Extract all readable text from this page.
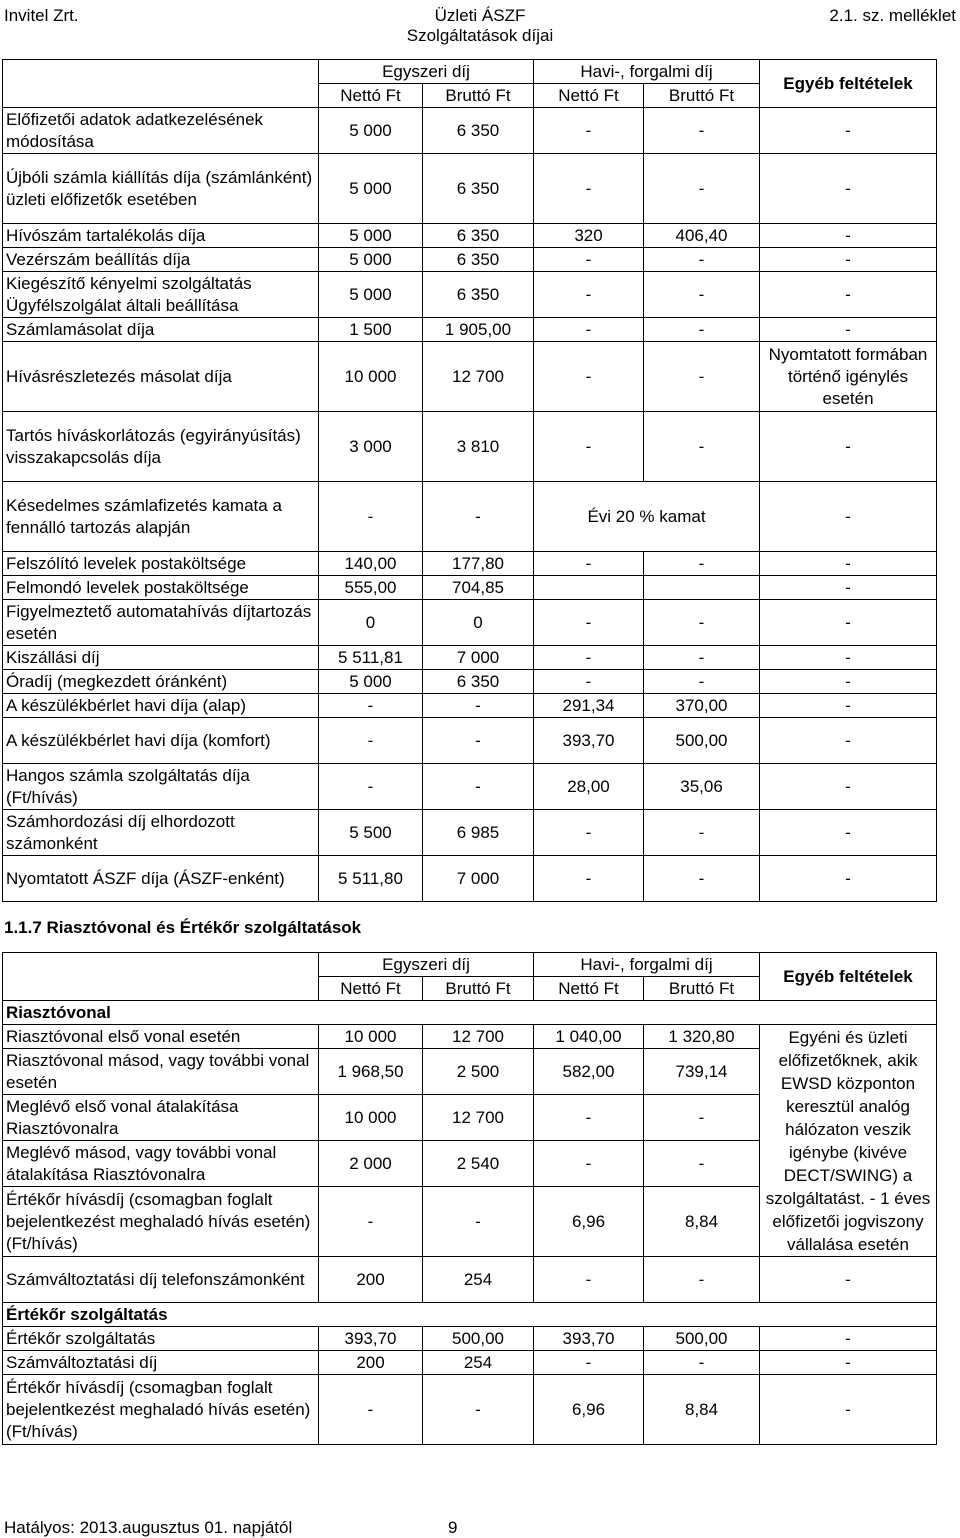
Invitel Zrt.	Üzleti ÁSZF
Szolgáltatások díjai
2.1. sz. melléklet
	Egyszeri díj		Havi-, forgalmi díj		Egyéb feltételek
	Nettó Ft	Bruttó Ft	Nettó Ft	Bruttó Ft	
Előfizetői adatok adatkezelésének módosítása	5 000	6 350	-	-	-
Újbóli számla kiállítás díja (számlánként) üzleti előfizetők esetében	5 000	6 350	-	-	-
Hívószám tartalékolás díja	5 000	6 350	320	406,40	-
Vezérszám beállítás díja	5 000	6 350	-	-	-
Kiegészítő kényelmi szolgáltatás Ügyfélszolgálat általi beállítása	5 000	6 350	-	-	-
Számlamásolat díja	1 500	1 905,00	-	-	-
Hívásrészletezés másolat díja	10 000	12 700	-	-	Nyomtatott formában történő igénylés esetén
Tartós híváskorlátozás (egyirányúsítás) visszakapcsolás díja	3 000	3 810	-	-	-
Késedelmes számlafizetés kamata a fennálló tartozás alapján	-	-	Évi 20 % kamat		-
Felszólító levelek postaköltsége	140,00	177,80	-	-	-
Felmondó levelek postaköltsége	555,00	704,85			-
Figyelmeztető automatahívás díjtartozás esetén	0	0	-	-	-
Kiszállási díj	5 511,81	7 000	-	-	-
Óradíj (megkezdett óránként)	5 000	6 350	-	-	-
A készülékbérlet havi díja (alap)	-	-	291,34	370,00	-
A készülékbérlet havi díja (komfort)	-	-	393,70	500,00	-
Hangos számla szolgáltatás díja (Ft/hívás)	-	-	28,00	35,06	-
Számhordozási díj elhordozott számonként	5 500	6 985	-	-	-
Nyomtatott ÁSZF díja (ÁSZF-enként)	5 511,80	7 000	-	-	-
1.1.7 Riasztóvonal és Értékőr szolgáltatások
	Egyszeri díj		Havi-, forgalmi díj		Egyéb feltételek
	Nettó Ft	Bruttó Ft	Nettó Ft	Bruttó Ft	
Riasztóvonal					
Riasztóvonal első vonal esetén	10 000	12 700	1 040,00	1 320,80	Egyéni és üzleti előfizetőknek, akik EWSD központon keresztül analóg hálózaton veszik igénybe (kivéve DECT/SWING) a szolgáltatást. - 1 éves előfizetői jogviszony vállalása esetén
Riasztóvonal másod, vagy további vonal esetén	1 968,50	2 500	582,00	739,14	
Meglévő első vonal átalakítása Riasztóvonalra	10 000	12 700	-	-	
Meglévő másod, vagy további vonal átalakítása Riasztóvonalra	2 000	2 540	-	-	
Értékőr hívásdíj (csomagban foglalt bejelentkezést meghaladó hívás esetén) (Ft/hívás)	-	-	6,96	8,84	
Számváltoztatási díj telefonszámonként	200	254	-	-	-
Értékőr szolgáltatás					
Értékőr szolgáltatás	393,70	500,00	393,70	500,00	-
Számváltoztatási díj	200	254	-	-	-
Értékőr hívásdíj (csomagban foglalt bejelentkezést meghaladó hívás esetén) (Ft/hívás)	-	-	6,96	8,84	-
Hatályos: 2013.augusztus 01. napjától	9
